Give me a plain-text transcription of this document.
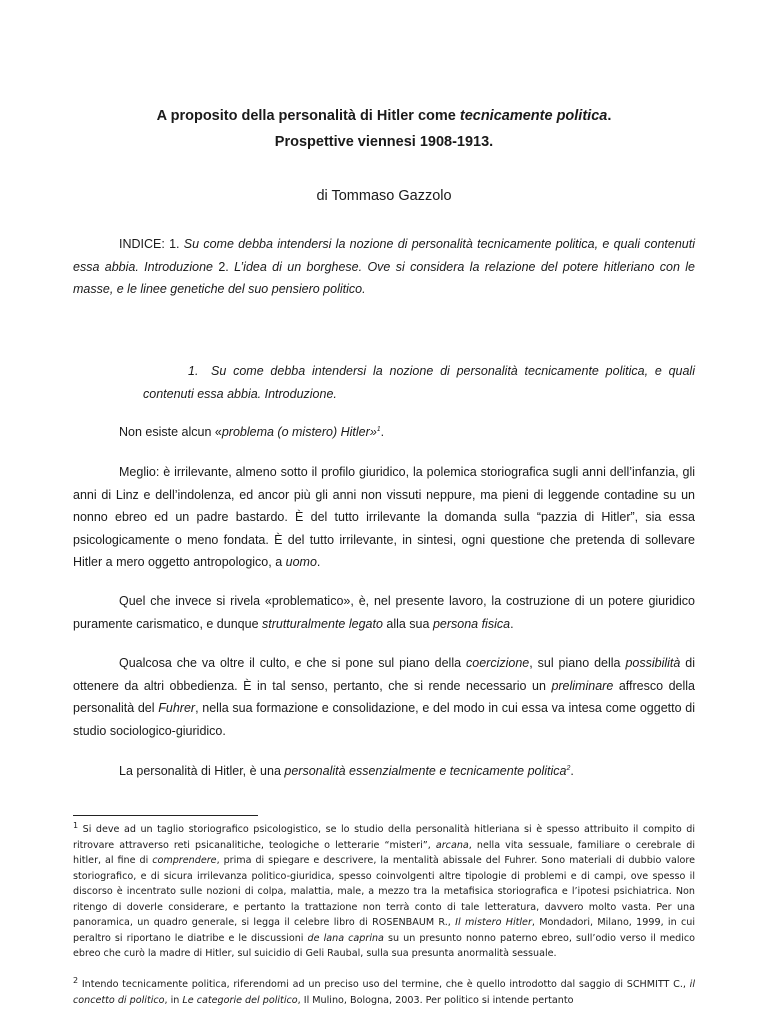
A proposito della personalità di Hitler come tecnicamente politica.
Prospettive viennesi 1908-1913.
di Tommaso Gazzolo

INDICE: 1. Su come debba intendersi la nozione di personalità tecnicamente politica, e quali contenuti essa abbia. Introduzione 2. L’idea di un borghese. Ove si considera la relazione del potere hitleriano con le masse, e le linee genetiche del suo pensiero politico.

1. Su come debba intendersi la nozione di personalità tecnicamente politica, e quali contenuti essa abbia. Introduzione.

Non esiste alcun «problema (o mistero) Hitler»$^1$.

Meglio: è irrilevante, almeno sotto il profilo giuridico, la polemica storiografica sugli anni dell’infanzia, gli anni di Linz e dell’indolenza, ed ancor più gli anni non vissuti neppure, ma pieni di leggende contadine su un nonno ebreo ed un padre bastardo. È del tutto irrilevante la domanda sulla “pazzia di Hitler”, sia essa psicologicamente o meno fondata. È del tutto irrilevante, in sintesi, ogni questione che pretenda di sollevare Hitler a mero oggetto antropologico, a uomo.

Quel che invece si rivela «problematico», è, nel presente lavoro, la costruzione di un potere giuridico puramente carismatico, e dunque strutturalmente legato alla sua persona fisica.

Qualcosa che va oltre il culto, e che si pone sul piano della coercizione, sul piano della possibilità di ottenere da altri obbedienza. È in tal senso, pertanto, che si rende necessario un preliminare affresco della personalità del Fuhrer, nella sua formazione e consolidazione, e del modo in cui essa va intesa come oggetto di studio sociologico-giuridico.

La personalità di Hitler, è una personalità essenzialmente e tecnicamente politica$^2$.

$^1$ Si deve ad un taglio storiografico psicologistico, se lo studio della personalità hitleriana si è spesso attribuito il compito di ritrovare attraverso reti psicanalitiche, teologiche o letterarie “misteri”, arcana, nella vita sessuale, familiare o cerebrale di hitler, al fine di comprendere, prima di spiegare e descrivere, la mentalità abissale del Fuhrer. Sono materiali di dubbio valore storiografico, e di sicura irrilevanza politico-giuridica, spesso coinvolgenti altre tipologie di problemi e di campi, ove spesso il discorso è incentrato sulle nozioni di colpa, malattia, male, a mezzo tra la metafisica storiografica e l’ipotesi psichiatrica. Non ritengo di doverle considerare, e pertanto la trattazione non terrà conto di tale letteratura, davvero molto vasta. Per una panoramica, un quadro generale, si legga il celebre libro di ROSENBAUM R., Il mistero Hitler, Mondadori, Milano, 1999, in cui peraltro si riportano le diatribe e le discussioni de lana caprina su un presunto nonno paterno ebreo, sull’odio verso il medico ebreo che curò la madre di Hitler, sul suicidio di Geli Raubal, sulla sua presunta anormalità sessuale.

$^2$ Intendo tecnicamente politica, riferendomi ad un preciso uso del termine, che è quello introdotto dal saggio di SCHMITT C., il concetto di politico, in Le categorie del politico, Il Mulino, Bologna, 2003. Per politico si intende pertanto
